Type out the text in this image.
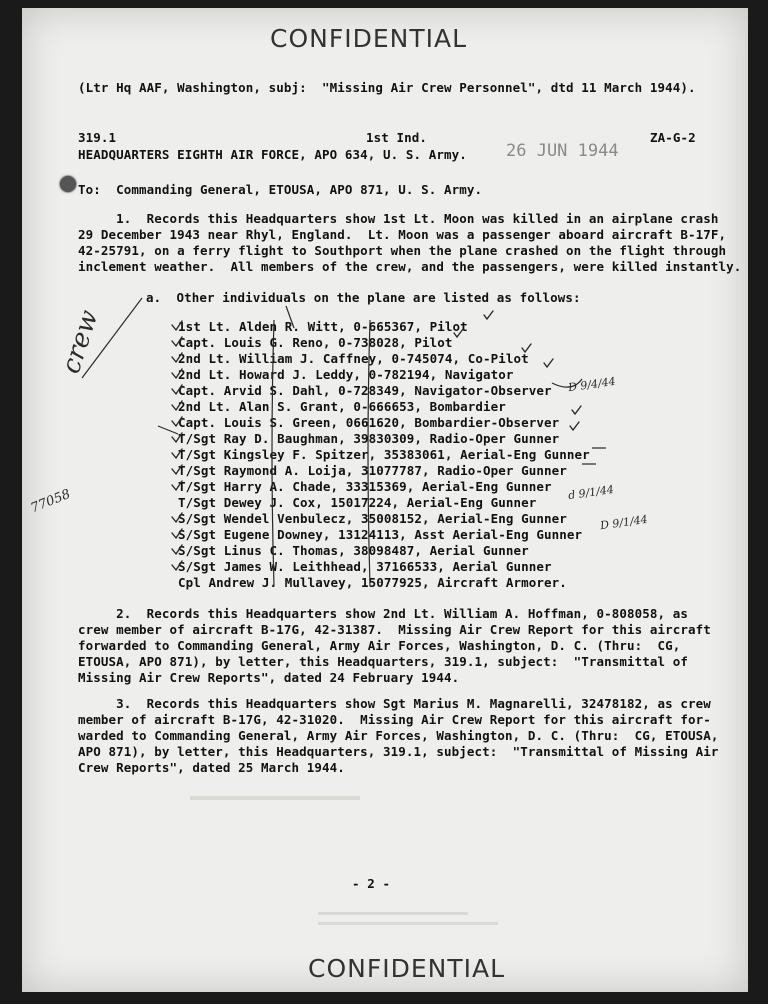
CONFIDENTIAL
(Ltr Hq AAF, Washington, subj:  "Missing Air Crew Personnel", dtd 11 March 1944).
319.1	1st Ind.	ZA-G-2
HEADQUARTERS EIGHTH AIR FORCE, APO 634, U. S. Army. 26 JUN 1944
To:  Commanding General, ETOUSA, APO 871, U. S. Army.
1.  Records this Headquarters show 1st Lt. Moon was killed in an airplane crash
29 December 1943 near Rhyl, England.  Lt. Moon was a passenger aboard aircraft B-17F,
42-25791, on a ferry flight to Southport when the plane crashed on the flight through
inclement weather.  All members of the crew, and the passengers, were killed instantly.
a.  Other individuals on the plane are listed as follows:
1st Lt. Alden R. Witt, 0-665367, Pilot
Capt. Louis G. Reno, 0-738028, Pilot
2nd Lt. William J. Caffney, 0-745074, Co-Pilot
2nd Lt. Howard J. Leddy, 0-782194, Navigator
Capt. Arvid S. Dahl, 0-728349, Navigator-Observer
2nd Lt. Alan S. Grant, 0-666653, Bombardier
Capt. Louis S. Green, 0661620, Bombardier-Observer
T/Sgt Ray D. Baughman, 39830309, Radio-Oper Gunner
T/Sgt Kingsley F. Spitzer, 35383061, Aerial-Eng Gunner
T/Sgt Raymond A. Loija, 31077787, Radio-Oper Gunner
T/Sgt Harry A. Chade, 33315369, Aerial-Eng Gunner
T/Sgt Dewey J. Cox, 15017224, Aerial-Eng Gunner
S/Sgt Wendel Venbulecz, 35008152, Aerial-Eng Gunner
S/Sgt Eugene Downey, 13124113, Asst Aerial-Eng Gunner
S/Sgt Linus C. Thomas, 38098487, Aerial Gunner
S/Sgt James W. Leithhead, 37166533, Aerial Gunner
Cpl Andrew J. Mullavey, 15077925, Aircraft Armorer.
2.  Records this Headquarters show 2nd Lt. William A. Hoffman, 0-808058, as
crew member of aircraft B-17G, 42-31387.  Missing Air Crew Report for this aircraft
forwarded to Commanding General, Army Air Forces, Washington, D. C. (Thru:  CG,
ETOUSA, APO 871), by letter, this Headquarters, 319.1, subject:  "Transmittal of
Missing Air Crew Reports", dated 24 February 1944.
3.  Records this Headquarters show Sgt Marius M. Magnarelli, 32478182, as crew
member of aircraft B-17G, 42-31020.  Missing Air Crew Report for this aircraft for-
warded to Commanding General, Army Air Forces, Washington, D. C. (Thru:  CG, ETOUSA,
APO 871), by letter, this Headquarters, 319.1, subject:  "Transmittal of Missing Air
Crew Reports", dated 25 March 1944.
- 2 -
CONFIDENTIAL
crew
77058
D 9/4/44
d 9/1/44
D 9/1/44
